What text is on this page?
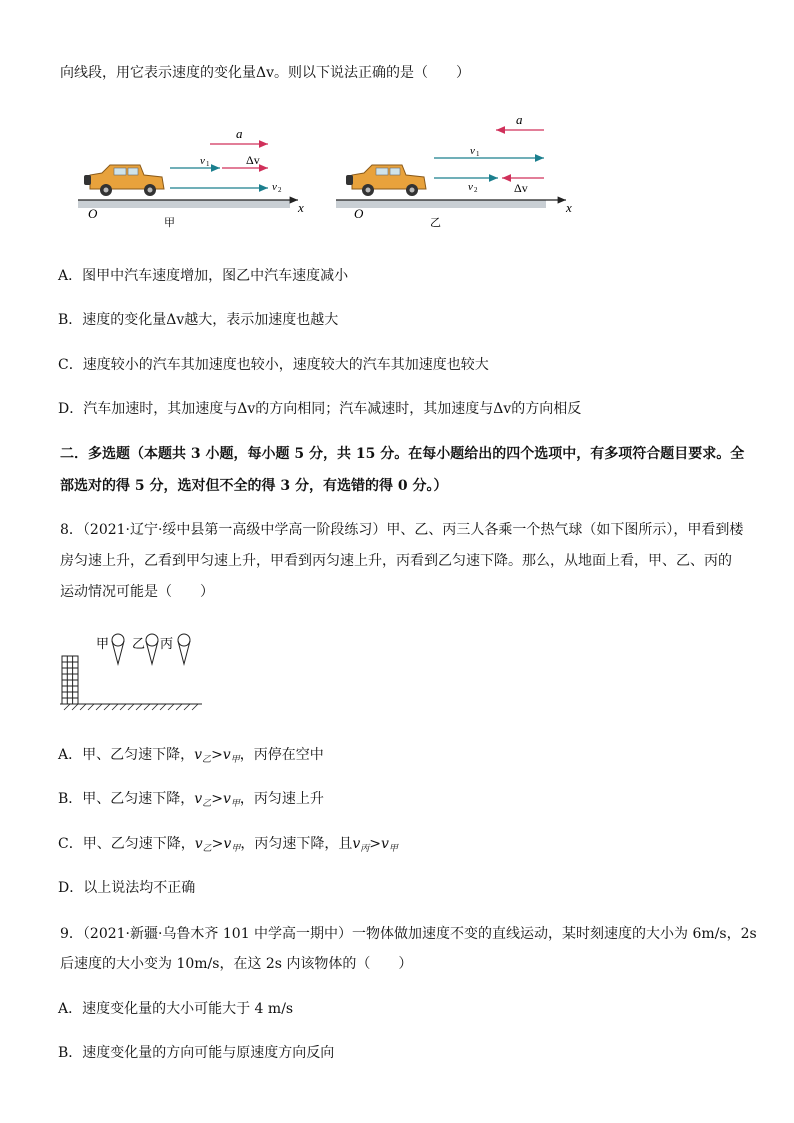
向线段，用它表示速度的变化量Δv。则以下说法正确的是（　　）
O	x
甲
a
v 1	Δv
v 2
O	x
乙
a
v 1
v 2	Δv
A．图甲中汽车速度增加，图乙中汽车速度减小
B．速度的变化量Δv越大，表示加速度也越大
C．速度较小的汽车其加速度也较小，速度较大的汽车其加速度也较大
D．汽车加速时，其加速度与Δv的方向相同；汽车减速时，其加速度与Δv的方向相反
二．多选题（本题共 3 小题，每小题 5 分，共 15 分。在每小题给出的四个选项中，有多项符合题目要求。全
部选对的得 5 分，选对但不全的得 3 分，有选错的得 0 分。）
8．（2021·辽宁·绥中县第一高级中学高一阶段练习）甲、乙、丙三人各乘一个热气球（如下图所示），甲看到楼
房匀速上升，乙看到甲匀速上升，甲看到丙匀速上升，丙看到乙匀速下降。那么，从地面上看，甲、乙、丙的
运动情况可能是（　　）
甲 乙 丙
A．甲、乙匀速下降，$v_乙>v_甲$，丙停在空中
B．甲、乙匀速下降，$v_乙>v_甲$，丙匀速上升
C．甲、乙匀速下降，$v_乙>v_甲$，丙匀速下降，且$v_丙>v_甲$
D．以上说法均不正确
9．（2021·新疆·乌鲁木齐 101 中学高一期中）一物体做加速度不变的直线运动，某时刻速度的大小为 6m/s，2s
后速度的大小变为 10m/s，在这 2s 内该物体的（　　）
A．速度变化量的大小可能大于 4 m/s
B．速度变化量的方向可能与原速度方向反向
